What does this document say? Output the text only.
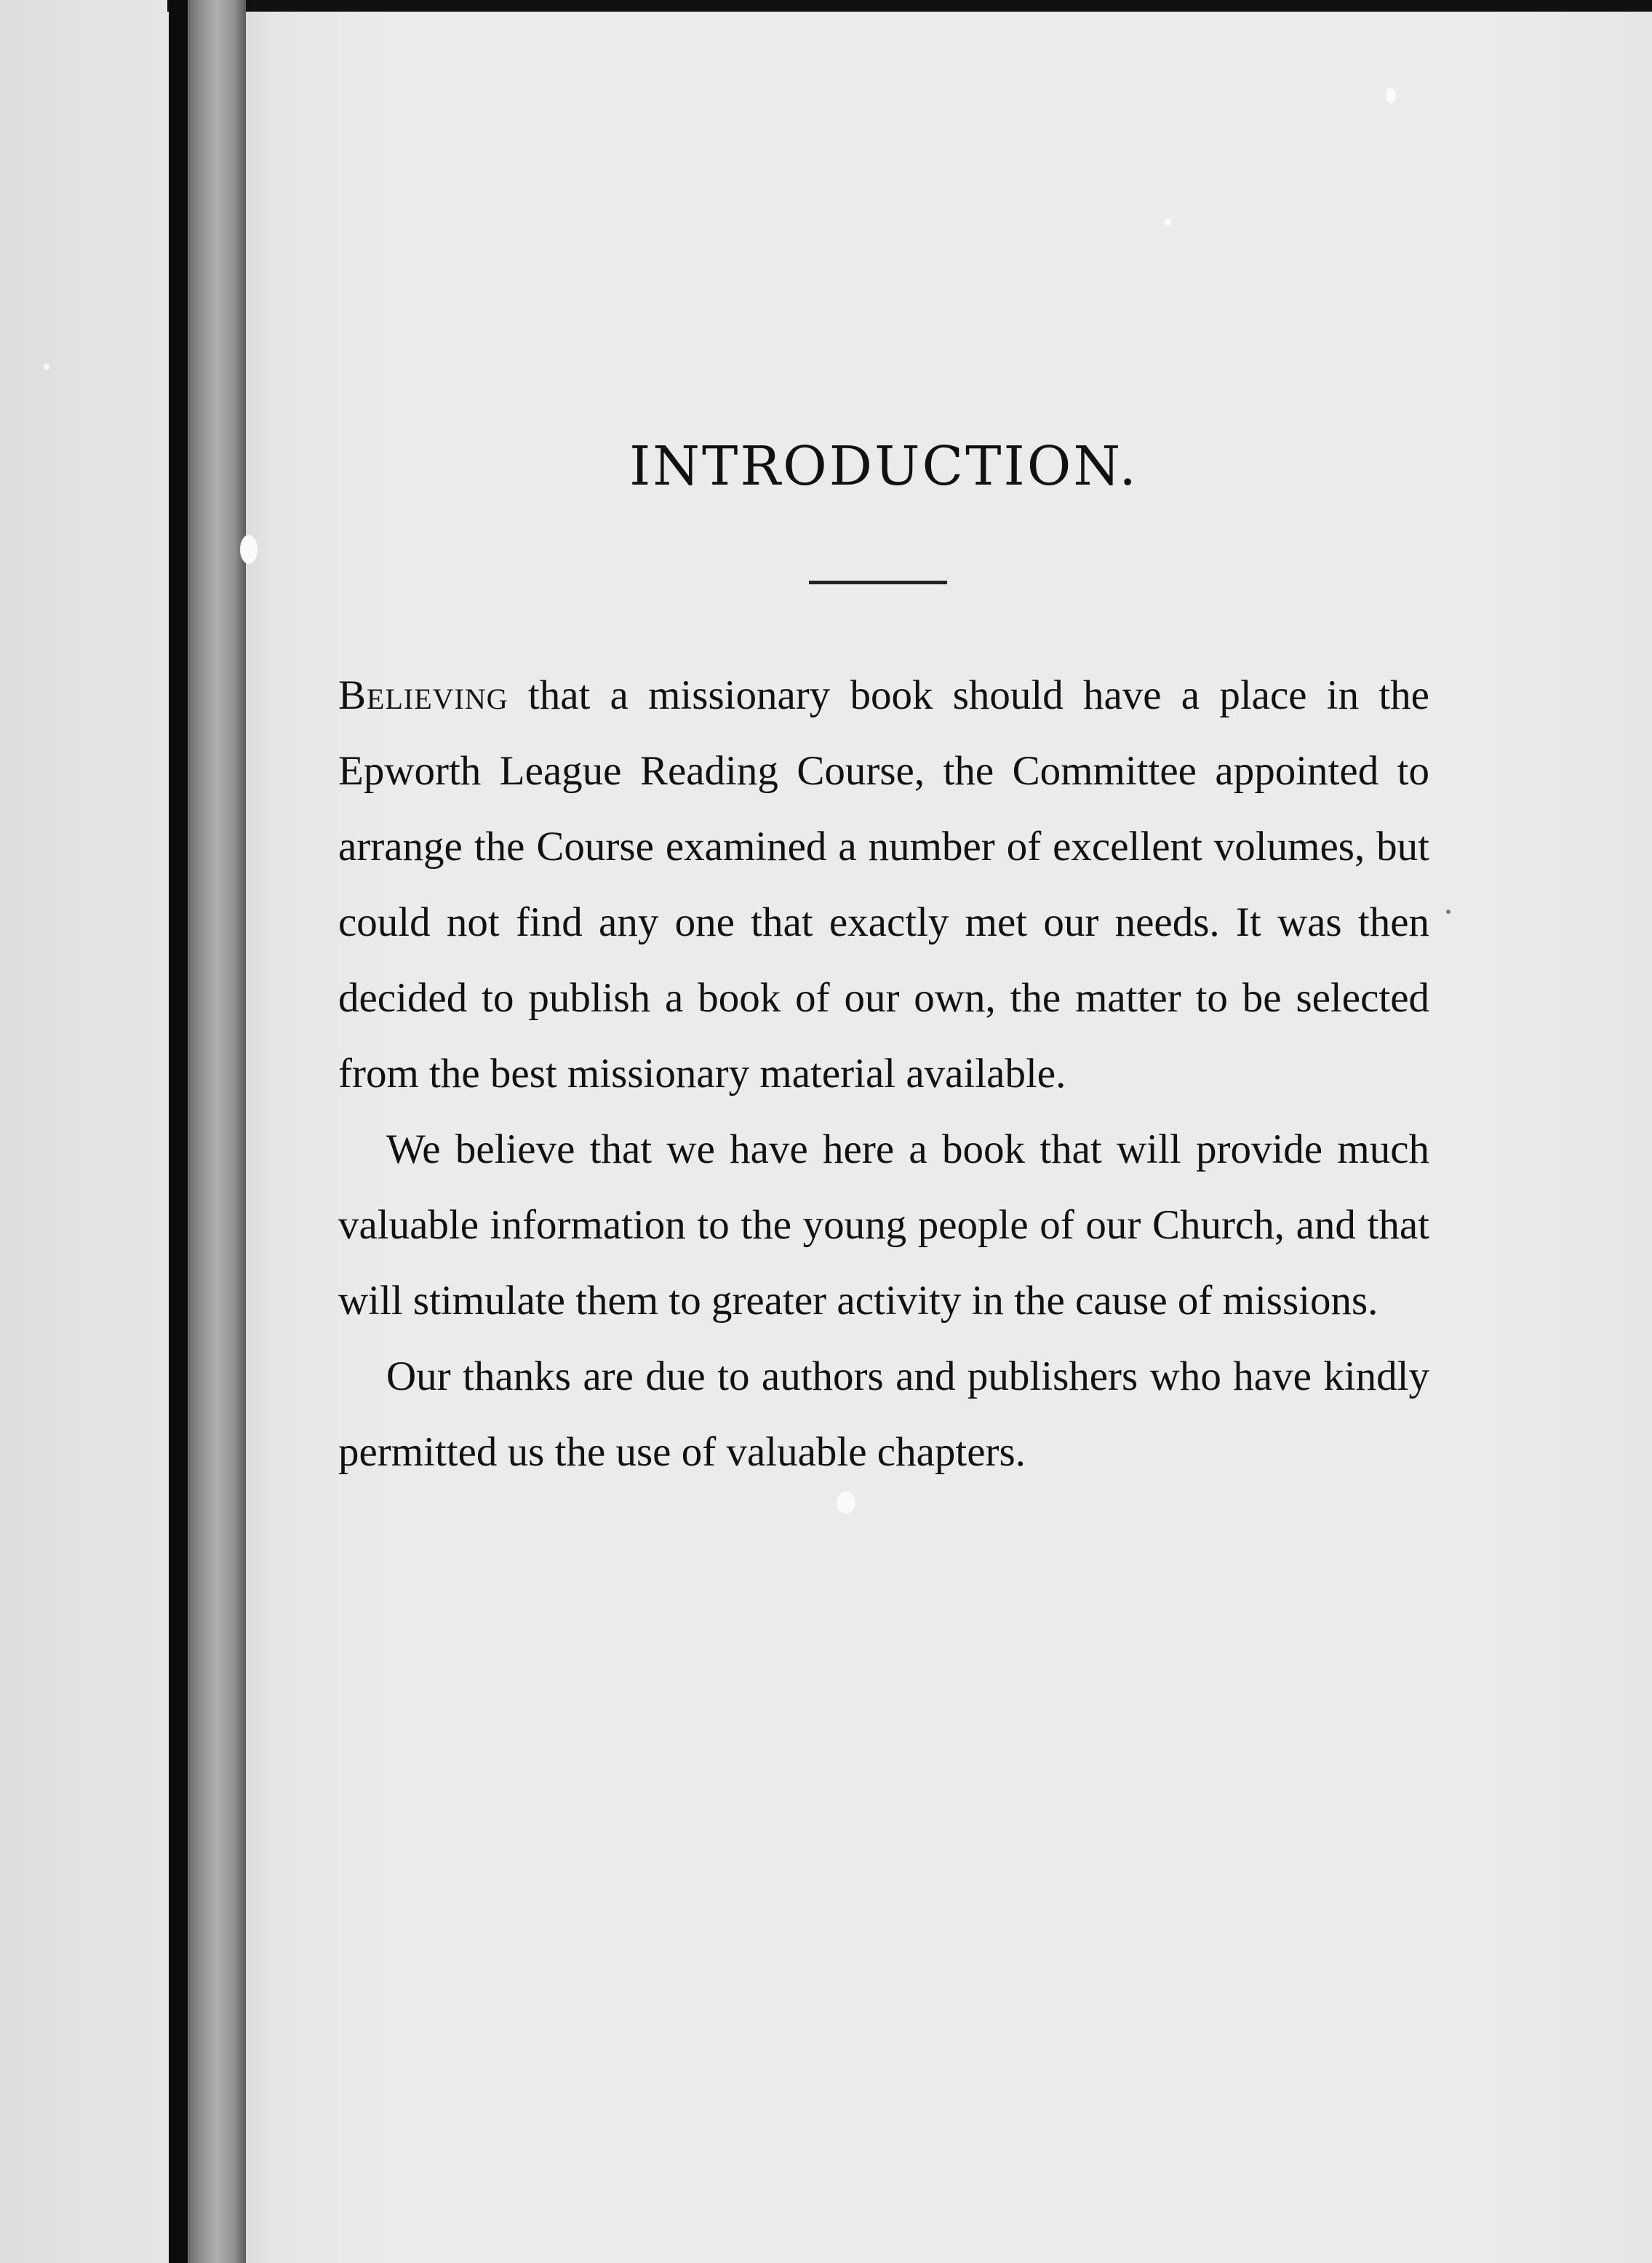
INTRODUCTION.

Believing that a missionary book should have a place in the Epworth League Reading Course, the Committee appointed to arrange the Course examined a number of excellent volumes, but could not find any one that exactly met our needs. It was then decided to publish a book of our own, the matter to be selected from the best missionary material available.

We believe that we have here a book that will provide much valuable information to the young people of our Church, and that will stimulate them to greater activity in the cause of missions.

Our thanks are due to authors and publishers who have kindly permitted us the use of valuable chapters.
